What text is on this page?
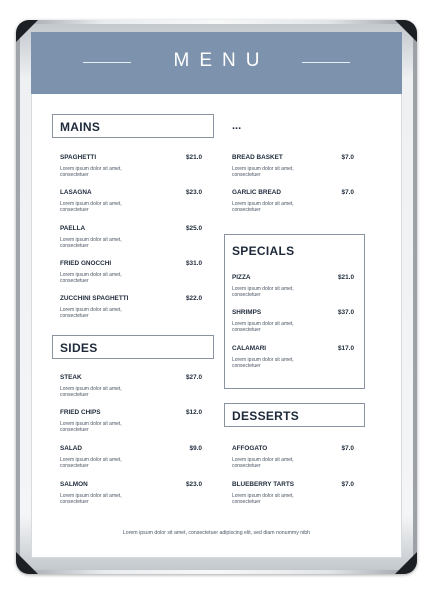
MENU
MAINS
SPAGHETTI	$21.0
Lorem ipsum dolor sit amet, consectetuer
LASAGNA	$23.0
Lorem ipsum dolor sit amet, consectetuer
PAELLA	$25.0
Lorem ipsum dolor sit amet, consectetuer
FRIED GNOCCHI	$31.0
Lorem ipsum dolor sit amet, consectetuer
ZUCCHINI SPAGHETTI	$22.0
Lorem ipsum dolor sit amet, consectetuer
SIDES
STEAK	$27.0
Lorem ipsum dolor sit amet, consectetuer
FRIED CHIPS	$12.0
Lorem ipsum dolor sit amet, consectetuer
SALAD	$9.0
Lorem ipsum dolor sit amet, consectetuer
SALMON	$23.0
Lorem ipsum dolor sit amet, consectetuer
...
BREAD BASKET	$7.0
Lorem ipsum dolor sit amet, consectetuer
GARLIC BREAD	$7.0
Lorem ipsum dolor sit amet, consectetuer
SPECIALS
PIZZA	$21.0
Lorem ipsum dolor sit amet, consectetuer
SHRIMPS	$37.0
Lorem ipsum dolor sit amet, consectetuer
CALAMARI	$17.0
Lorem ipsum dolor sit amet, consectetuer
DESSERTS
AFFOGATO	$7.0
Lorem ipsum dolor sit amet, consectetuer
BLUEBERRY TARTS	$7.0
Lorem ipsum dolor sit amet, consectetuer
Lorem ipsum dolor sit amet, consectetuer adipiscing elit, sed diam nonummy nibh
